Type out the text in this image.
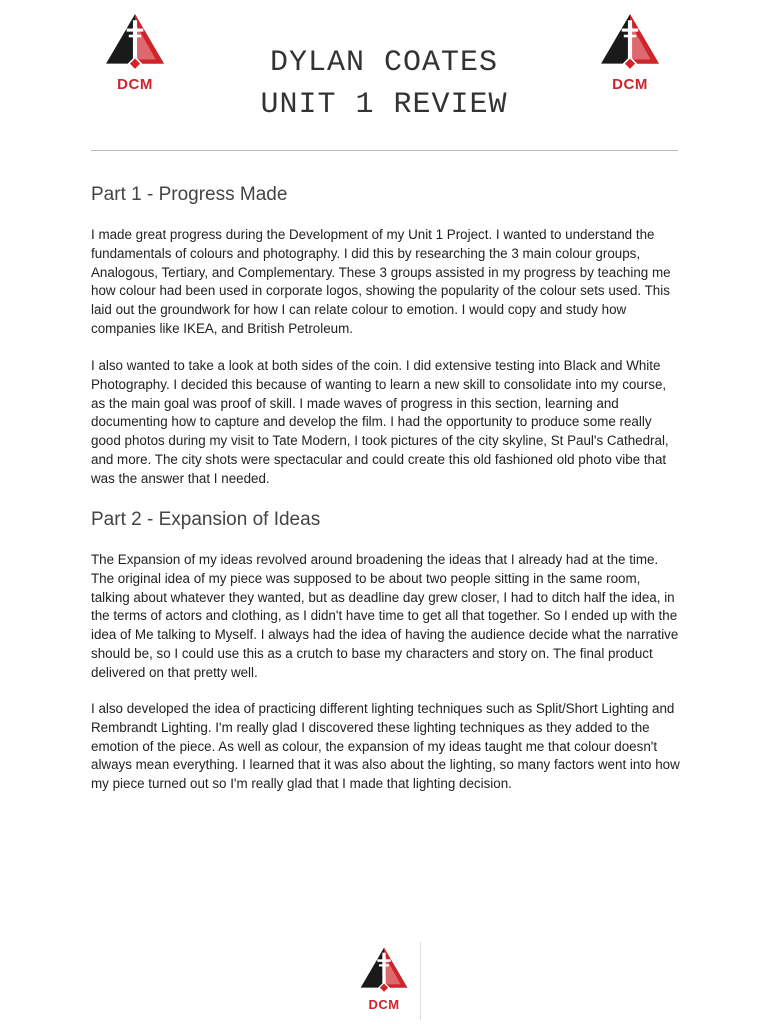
DCM	DCM
DYLAN COATES
UNIT 1 REVIEW
Part 1 - Progress Made

I made great progress during the Development of my Unit 1 Project. I wanted to understand the fundamentals of colours and photography. I did this by researching the 3 main colour groups, Analogous, Tertiary, and Complementary. These 3 groups assisted in my progress by teaching me how colour had been used in corporate logos, showing the popularity of the colour sets used. This laid out the groundwork for how I can relate colour to emotion. I would copy and study how companies like IKEA, and British Petroleum.

I also wanted to take a look at both sides of the coin. I did extensive testing into Black and White Photography. I decided this because of wanting to learn a new skill to consolidate into my course, as the main goal was proof of skill. I made waves of progress in this section, learning and documenting how to capture and develop the film. I had the opportunity to produce some really good photos during my visit to Tate Modern, I took pictures of the city skyline, St Paul's Cathedral, and more. The city shots were spectacular and could create this old fashioned old photo vibe that was the answer that I needed.

Part 2 - Expansion of Ideas

The Expansion of my ideas revolved around broadening the ideas that I already had at the time. The original idea of my piece was supposed to be about two people sitting in the same room, talking about whatever they wanted, but as deadline day grew closer, I had to ditch half the idea, in the terms of actors and clothing, as I didn't have time to get all that together. So I ended up with the idea of Me talking to Myself. I always had the idea of having the audience decide what the narrative should be, so I could use this as a crutch to base my characters and story on. The final product delivered on that pretty well.

I also developed the idea of practicing different lighting techniques such as Split/Short Lighting and Rembrandt Lighting. I'm really glad I discovered these lighting techniques as they added to the emotion of the piece. As well as colour, the expansion of my ideas taught me that colour doesn't always mean everything. I learned that it was also about the lighting, so many factors went into how my piece turned out so I'm really glad that I made that lighting decision.

DCM
